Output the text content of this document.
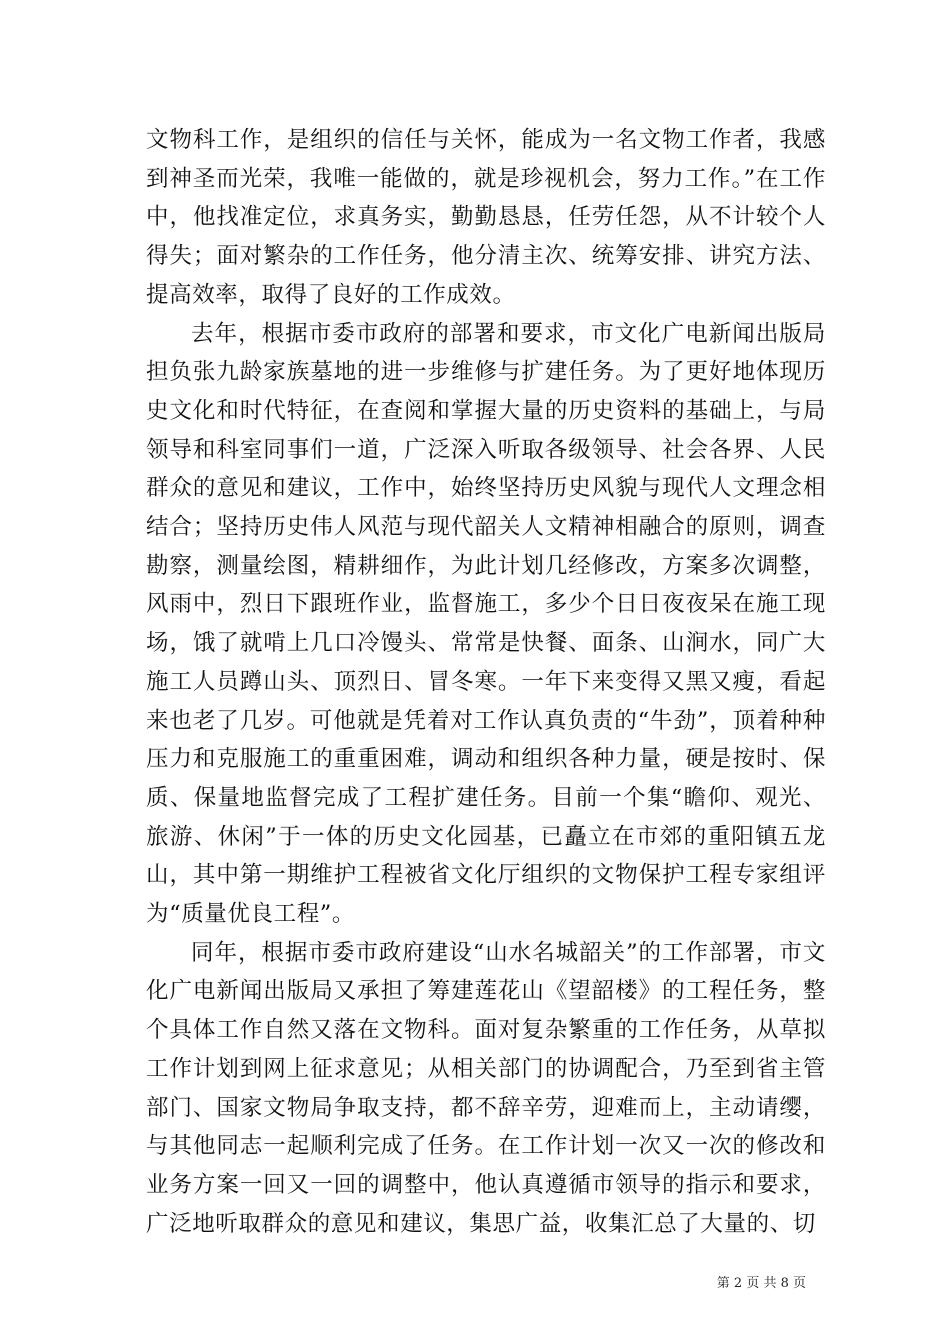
文物科工作，是组织的信任与关怀，能成为一名文物工作者，我感到神圣而光荣，我唯一能做的，就是珍视机会，努力工作。”在工作中，他找准定位，求真务实，勤勤恳恳，任劳任怨，从不计较个人得失；面对繁杂的工作任务，他分清主次、统筹安排、讲究方法、提高效率，取得了良好的工作成效。

去年，根据市委市政府的部署和要求，市文化广电新闻出版局担负张九龄家族墓地的进一步维修与扩建任务。为了更好地体现历史文化和时代特征，在查阅和掌握大量的历史资料的基础上，与局领导和科室同事们一道，广泛深入听取各级领导、社会各界、人民群众的意见和建议，工作中，始终坚持历史风貌与现代人文理念相结合；坚持历史伟人风范与现代韶关人文精神相融合的原则，调查勘察，测量绘图，精耕细作，为此计划几经修改，方案多次调整，风雨中，烈日下跟班作业，监督施工，多少个日日夜夜呆在施工现场，饿了就啃上几口冷馒头、常常是快餐、面条、山涧水，同广大施工人员蹲山头、顶烈日、冒冬寒。一年下来变得又黑又瘦，看起来也老了几岁。可他就是凭着对工作认真负责的“牛劲”，顶着种种压力和克服施工的重重困难，调动和组织各种力量，硬是按时、保质、保量地监督完成了工程扩建任务。目前一个集“瞻仰、观光、旅游、休闲”于一体的历史文化园基，已矗立在市郊的重阳镇五龙山，其中第一期维护工程被省文化厅组织的文物保护工程专家组评为“质量优良工程”。

同年，根据市委市政府建设“山水名城韶关”的工作部署，市文化广电新闻出版局又承担了筹建莲花山《望韶楼》的工程任务，整个具体工作自然又落在文物科。面对复杂繁重的工作任务，从草拟工作计划到网上征求意见；从相关部门的协调配合，乃至到省主管部门、国家文物局争取支持，都不辞辛劳，迎难而上，主动请缨，与其他同志一起顺利完成了任务。在工作计划一次又一次的修改和业务方案一回又一回的调整中，他认真遵循市领导的指示和要求，广泛地听取群众的意见和建议，集思广益，收集汇总了大量的、切

第 2 页 共 8 页
